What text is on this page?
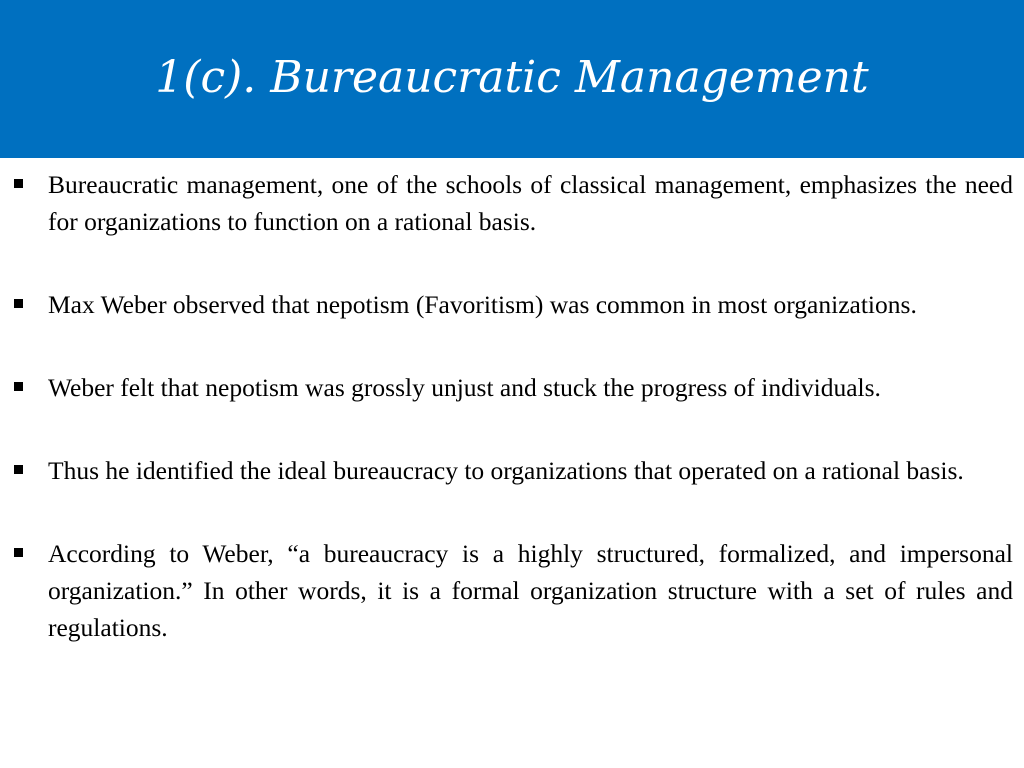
1(c). Bureaucratic Management
Bureaucratic management, one of the schools of classical management, emphasizes the need for organizations to function on a rational basis.
Max Weber observed that nepotism (Favoritism) was common in most organizations.
Weber felt that nepotism was grossly unjust and stuck the progress of individuals.
Thus he identified the ideal bureaucracy to organizations that operated on a rational basis.
According to Weber, “a bureaucracy is a highly structured, formalized, and impersonal organization.” In other words, it is a formal organization structure with a set of rules and regulations.
